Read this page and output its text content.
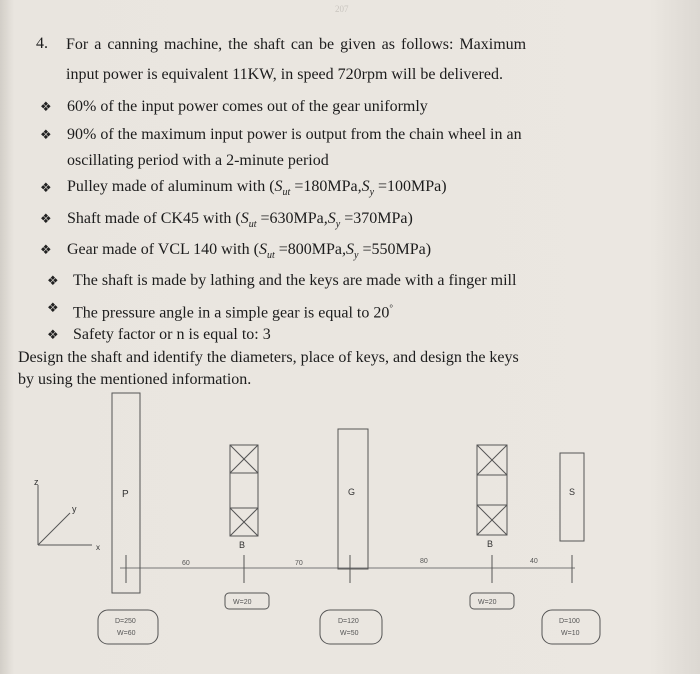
207
4. For a canning machine, the shaft can be given as follows: Maximum
input power is equivalent 11KW, in speed 720rpm will be delivered.
❖ 60% of the input power comes out of the gear uniformly
❖ 90% of the maximum input power is output from the chain wheel in an
oscillating period with a 2-minute period
❖ Pulley made of aluminum with $(S_{ut} =180MPa,S_y =100MPa)$
❖ Shaft made of CK45 with $(S_{ut} =630MPa,S_y =370MPa)$
❖ Gear made of VCL 140 with $(S_{ut} =800MPa,S_y =550MPa)$
❖ The shaft is made by lathing and the keys are made with a finger mill
❖ The pressure angle in a simple gear is equal to 20°
❖ Safety factor or n is equal to: 3
Design the shaft and identify the diameters, place of keys, and design the keys
by using the mentioned information.
z
y
x
P	G	S
B	B
60	70	80	40
W=20	W=20
D=250
W=60
D=120
W=50
D=100
W=10
